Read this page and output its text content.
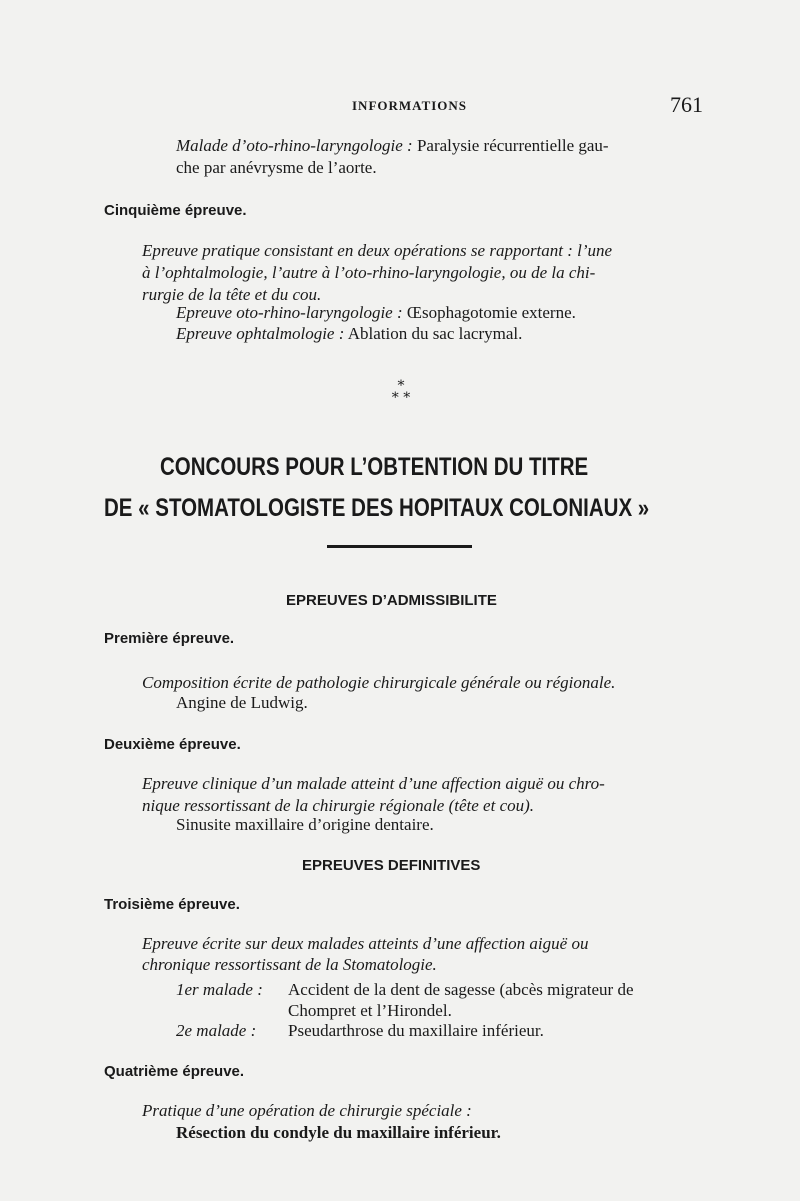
INFORMATIONS	761
Malade d’oto-rhino-laryngologie : Paralysie récurrentielle gau-
che par anévrysme de l’aorte.
Cinquième épreuve.
Epreuve pratique consistant en deux opérations se rapportant : l’une
à l’ophtalmologie, l’autre à l’oto-rhino-laryngologie, ou de la chi-
rurgie de la tête et du cou.
Epreuve oto-rhino-laryngologie : Œsophagotomie externe.
Epreuve ophtalmologie : Ablation du sac lacrymal.
*
* *
CONCOURS POUR L’OBTENTION DU TITRE
DE « STOMATOLOGISTE DES HOPITAUX COLONIAUX »
EPREUVES D’ADMISSIBILITE
Première épreuve.
Composition écrite de pathologie chirurgicale générale ou régionale.
Angine de Ludwig.
Deuxième épreuve.
Epreuve clinique d’un malade atteint d’une affection aiguë ou chro-
nique ressortissant de la chirurgie régionale (tête et cou).
Sinusite maxillaire d’origine dentaire.
EPREUVES DEFINITIVES
Troisième épreuve.
Epreuve écrite sur deux malades atteints d’une affection aiguë ou
chronique ressortissant de la Stomatologie.
1er malade : Accident de la dent de sagesse (abcès migrateur de
Chompret et l’Hirondel.
2e malade : Pseudarthrose du maxillaire inférieur.
Quatrième épreuve.
Pratique d’une opération de chirurgie spéciale :
Résection du condyle du maxillaire inférieur.
